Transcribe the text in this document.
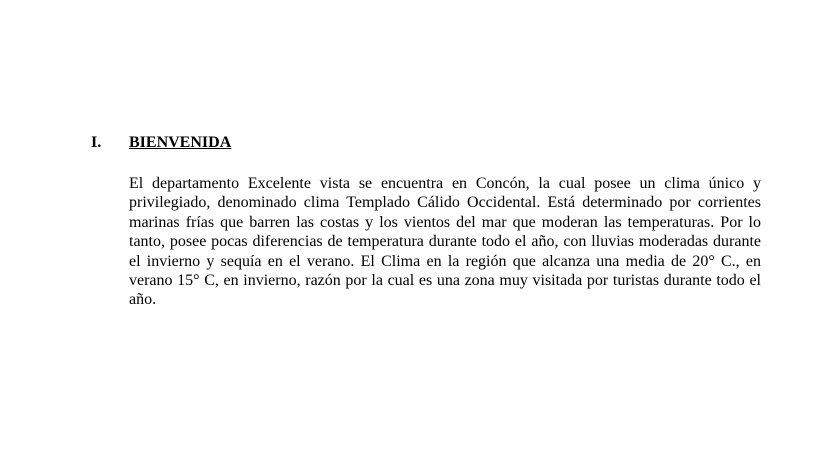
I. BIENVENIDA

El departamento Excelente vista se encuentra en Concón, la cual posee un clima único y privilegiado, denominado clima Templado Cálido Occidental. Está determinado por corrientes marinas frías que barren las costas y los vientos del mar que moderan las temperaturas. Por lo tanto, posee pocas diferencias de temperatura durante todo el año, con lluvias moderadas durante el invierno y sequía en el verano. El Clima en la región que alcanza una media de 20° C., en verano 15° C, en invierno, razón por la cual es una zona muy visitada por turistas durante todo el año.
